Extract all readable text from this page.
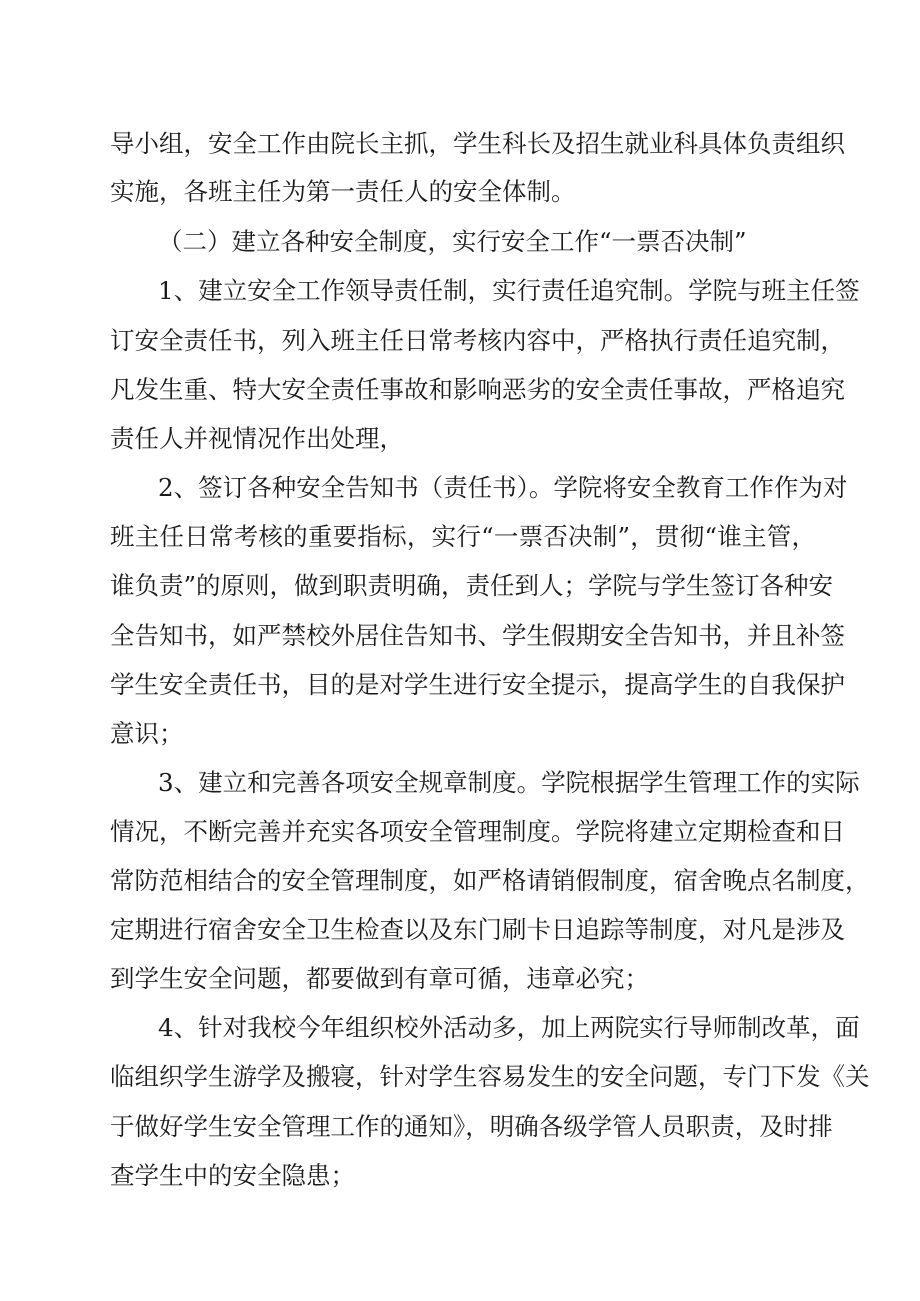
导小组，安全工作由院长主抓，学生科长及招生就业科具体负责组织
实施，各班主任为第一责任人的安全体制。
（二）建立各种安全制度，实行安全工作“一票否决制”
1、建立安全工作领导责任制，实行责任追究制。学院与班主任签
订安全责任书，列入班主任日常考核内容中，严格执行责任追究制，
凡发生重、特大安全责任事故和影响恶劣的安全责任事故，严格追究
责任人并视情况作出处理，
2、签订各种安全告知书（责任书）。学院将安全教育工作作为对
班主任日常考核的重要指标，实行“一票否决制”，贯彻“谁主管，
谁负责”的原则，做到职责明确，责任到人；学院与学生签订各种安
全告知书，如严禁校外居住告知书、学生假期安全告知书，并且补签
学生安全责任书，目的是对学生进行安全提示，提高学生的自我保护
意识；
3、建立和完善各项安全规章制度。学院根据学生管理工作的实际
情况，不断完善并充实各项安全管理制度。学院将建立定期检查和日
常防范相结合的安全管理制度，如严格请销假制度，宿舍晚点名制度，
定期进行宿舍安全卫生检查以及东门刷卡日追踪等制度，对凡是涉及
到学生安全问题，都要做到有章可循，违章必究；
4、针对我校今年组织校外活动多，加上两院实行导师制改革，面
临组织学生游学及搬寝，针对学生容易发生的安全问题，专门下发《关
于做好学生安全管理工作的通知》，明确各级学管人员职责，及时排
查学生中的安全隐患；
